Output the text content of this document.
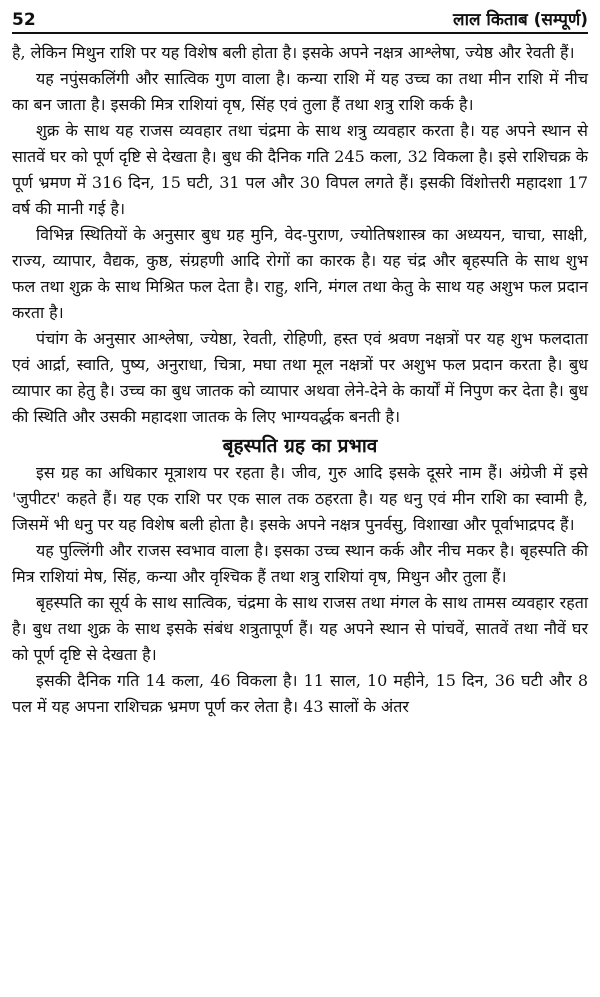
52	लाल किताब (सम्पूर्ण)

है, लेकिन मिथुन राशि पर यह विशेष बली होता है। इसके अपने नक्षत्र आश्लेषा, ज्येष्ठ और रेवती हैं।

यह नपुंसकलिंगी और सात्विक गुण वाला है। कन्या राशि में यह उच्च का तथा मीन राशि में नीच का बन जाता है। इसकी मित्र राशियां वृष, सिंह एवं तुला हैं तथा शत्रु राशि कर्क है।

शुक्र के साथ यह राजस व्यवहार तथा चंद्रमा के साथ शत्रु व्यवहार करता है। यह अपने स्थान से सातवें घर को पूर्ण दृष्टि से देखता है। बुध की दैनिक गति 245 कला, 32 विकला है। इसे राशिचक्र के पूर्ण भ्रमण में 316 दिन, 15 घटी, 31 पल और 30 विपल लगते हैं। इसकी विंशोत्तरी महादशा 17 वर्ष की मानी गई है।

विभिन्न स्थितियों के अनुसार बुध ग्रह मुनि, वेद-पुराण, ज्योतिषशास्त्र का अध्ययन, चाचा, साक्षी, राज्य, व्यापार, वैद्यक, कुष्ठ, संग्रहणी आदि रोगों का कारक है। यह चंद्र और बृहस्पति के साथ शुभ फल तथा शुक्र के साथ मिश्रित फल देता है। राहु, शनि, मंगल तथा केतु के साथ यह अशुभ फल प्रदान करता है।

पंचांग के अनुसार आश्लेषा, ज्येष्ठा, रेवती, रोहिणी, हस्त एवं श्रवण नक्षत्रों पर यह शुभ फलदाता एवं आर्द्रा, स्वाति, पुष्य, अनुराधा, चित्रा, मघा तथा मूल नक्षत्रों पर अशुभ फल प्रदान करता है। बुध व्यापार का हेतु है। उच्च का बुध जातक को व्यापार अथवा लेने-देने के कार्यों में निपुण कर देता है। बुध की स्थिति और उसकी महादशा जातक के लिए भाग्यवर्द्धक बनती है।

बृहस्पति ग्रह का प्रभाव

इस ग्रह का अधिकार मूत्राशय पर रहता है। जीव, गुरु आदि इसके दूसरे नाम हैं। अंग्रेजी में इसे 'जुपीटर' कहते हैं। यह एक राशि पर एक साल तक ठहरता है। यह धनु एवं मीन राशि का स्वामी है, जिसमें भी धनु पर यह विशेष बली होता है। इसके अपने नक्षत्र पुनर्वसु, विशाखा और पूर्वाभाद्रपद हैं।

यह पुल्लिंगी और राजस स्वभाव वाला है। इसका उच्च स्थान कर्क और नीच मकर है। बृहस्पति की मित्र राशियां मेष, सिंह, कन्या और वृश्चिक हैं तथा शत्रु राशियां वृष, मिथुन और तुला हैं।

बृहस्पति का सूर्य के साथ सात्विक, चंद्रमा के साथ राजस तथा मंगल के साथ तामस व्यवहार रहता है। बुध तथा शुक्र के साथ इसके संबंध शत्रुतापूर्ण हैं। यह अपने स्थान से पांचवें, सातवें तथा नौवें घर को पूर्ण दृष्टि से देखता है।

इसकी दैनिक गति 14 कला, 46 विकला है। 11 साल, 10 महीने, 15 दिन, 36 घटी और 8 पल में यह अपना राशिचक्र भ्रमण पूर्ण कर लेता है। 43 सालों के अंतर
